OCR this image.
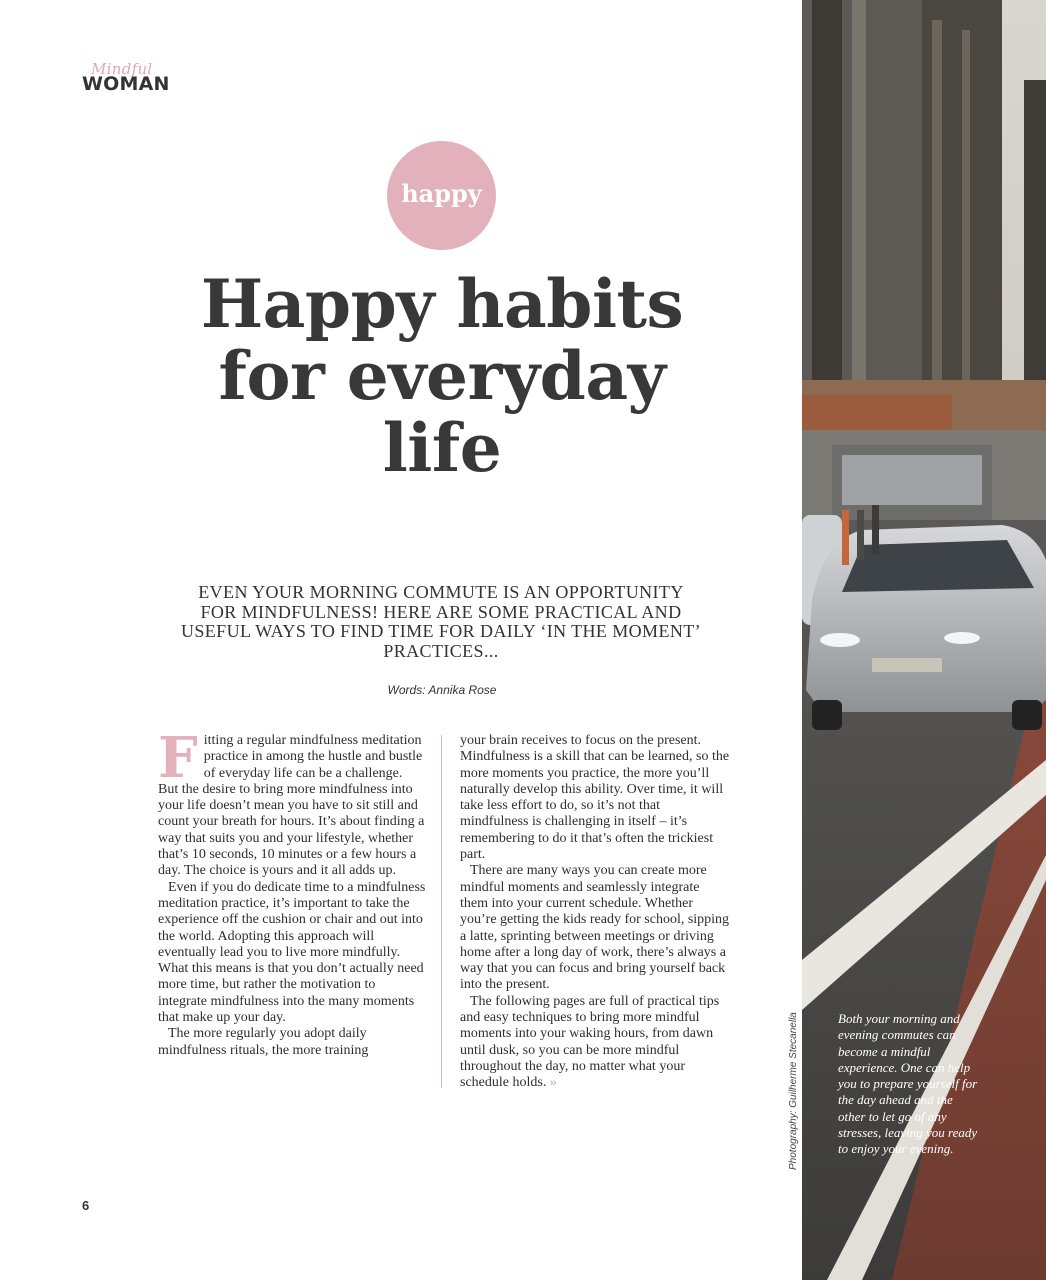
Mindful
WOMAN
happy
Happy habits for everyday life

EVEN YOUR MORNING COMMUTE IS AN OPPORTUNITY FOR MINDFULNESS! HERE ARE SOME PRACTICAL AND USEFUL WAYS TO FIND TIME FOR DAILY ‘IN THE MOMENT’ PRACTICES...

Words: Annika Rose

Fitting a regular mindfulness meditation practice in among the hustle and bustle of everyday life can be a challenge. But the desire to bring more mindfulness into your life doesn’t mean you have to sit still and count your breath for hours. It’s about finding a way that suits you and your lifestyle, whether that’s 10 seconds, 10 minutes or a few hours a day. The choice is yours and it all adds up.

Even if you do dedicate time to a mindfulness meditation practice, it’s important to take the experience off the cushion or chair and out into the world. Adopting this approach will eventually lead you to live more mindfully. What this means is that you don’t actually need more time, but rather the motivation to integrate mindfulness into the many moments that make up your day.

The more regularly you adopt daily mindfulness rituals, the more training

your brain receives to focus on the present. Mindfulness is a skill that can be learned, so the more moments you practice, the more you’ll naturally develop this ability. Over time, it will take less effort to do, so it’s not that mindfulness is challenging in itself – it’s remembering to do it that’s often the trickiest part.

There are many ways you can create more mindful moments and seamlessly integrate them into your current schedule. Whether you’re getting the kids ready for school, sipping a latte, sprinting between meetings or driving home after a long day of work, there’s always a way that you can focus and bring yourself back into the present.

The following pages are full of practical tips and easy techniques to bring more mindful moments into your waking hours, from dawn until dusk, so you can be more mindful throughout the day, no matter what your schedule holds. »

6
Photography: Guilherme Stecanella	Both your morning and evening commutes can become a mindful experience. One can help you to prepare yourself for the day ahead and the other to let go of any stresses, leaving you ready to enjoy your evening.
